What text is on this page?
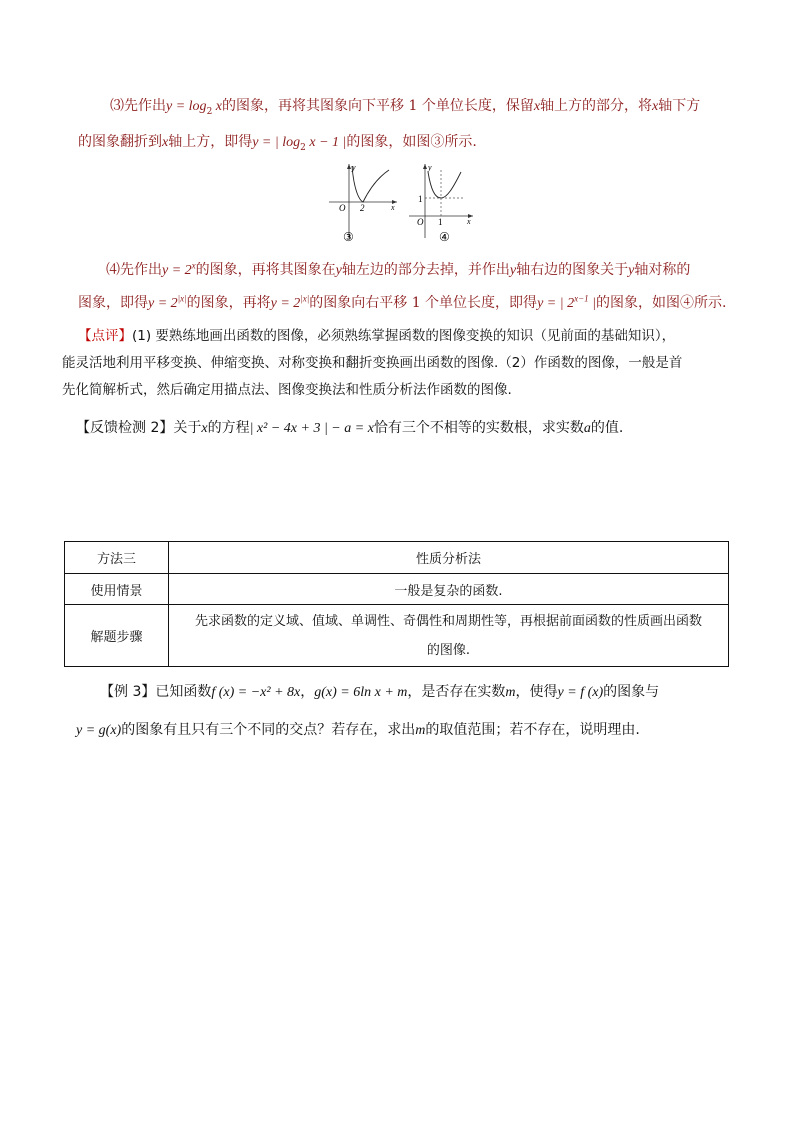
⑶先作出$y = \log_2 x$的图象，再将其图象向下平移 1 个单位长度，保留x轴上方的部分，将x轴下方
的图象翻折到x轴上方，即得y = | $\log_2 x - 1$ |的图象，如图③所示.
O 2	x
y
③
1
O 1	x
y
④
⑷先作出$y = 2^x$的图象，再将其图象在y轴左边的部分去掉，并作出y轴右边的图象关于y轴对称的
图象，即得$y = 2^{|x|}$的图象，再将$y = 2^{|x|}$的图象向右平移 1 个单位长度，即得y = | $2^{x-1}$ |的图象，如图④所示.
【点评】(1) 要熟练地画出函数的图像，必须熟练掌握函数的图像变换的知识（见前面的基础知识），
能灵活地利用平移变换、伸缩变换、对称变换和翻折变换画出函数的图像.（2）作函数的图像，一般是首
先化简解析式，然后确定用描点法、图像变换法和性质分析法作函数的图像.
【反馈检测 2】关于x的方程| x² − 4x + 3 | − a = x恰有三个不相等的实数根，求实数a的值.
方法三	性质分析法
使用情景	一般是复杂的函数.
解题步骤	先求函数的定义域、值域、单调性、奇偶性和周期性等，再根据前面函数的性质画出函数
的图像.
【例 3】已知函数f (x) = −x² + 8x，g(x) = 6ln x + m，是否存在实数m，使得y = f (x)的图象与
y = g(x)的图象有且只有三个不同的交点？若存在，求出m的取值范围；若不存在，说明理由.
